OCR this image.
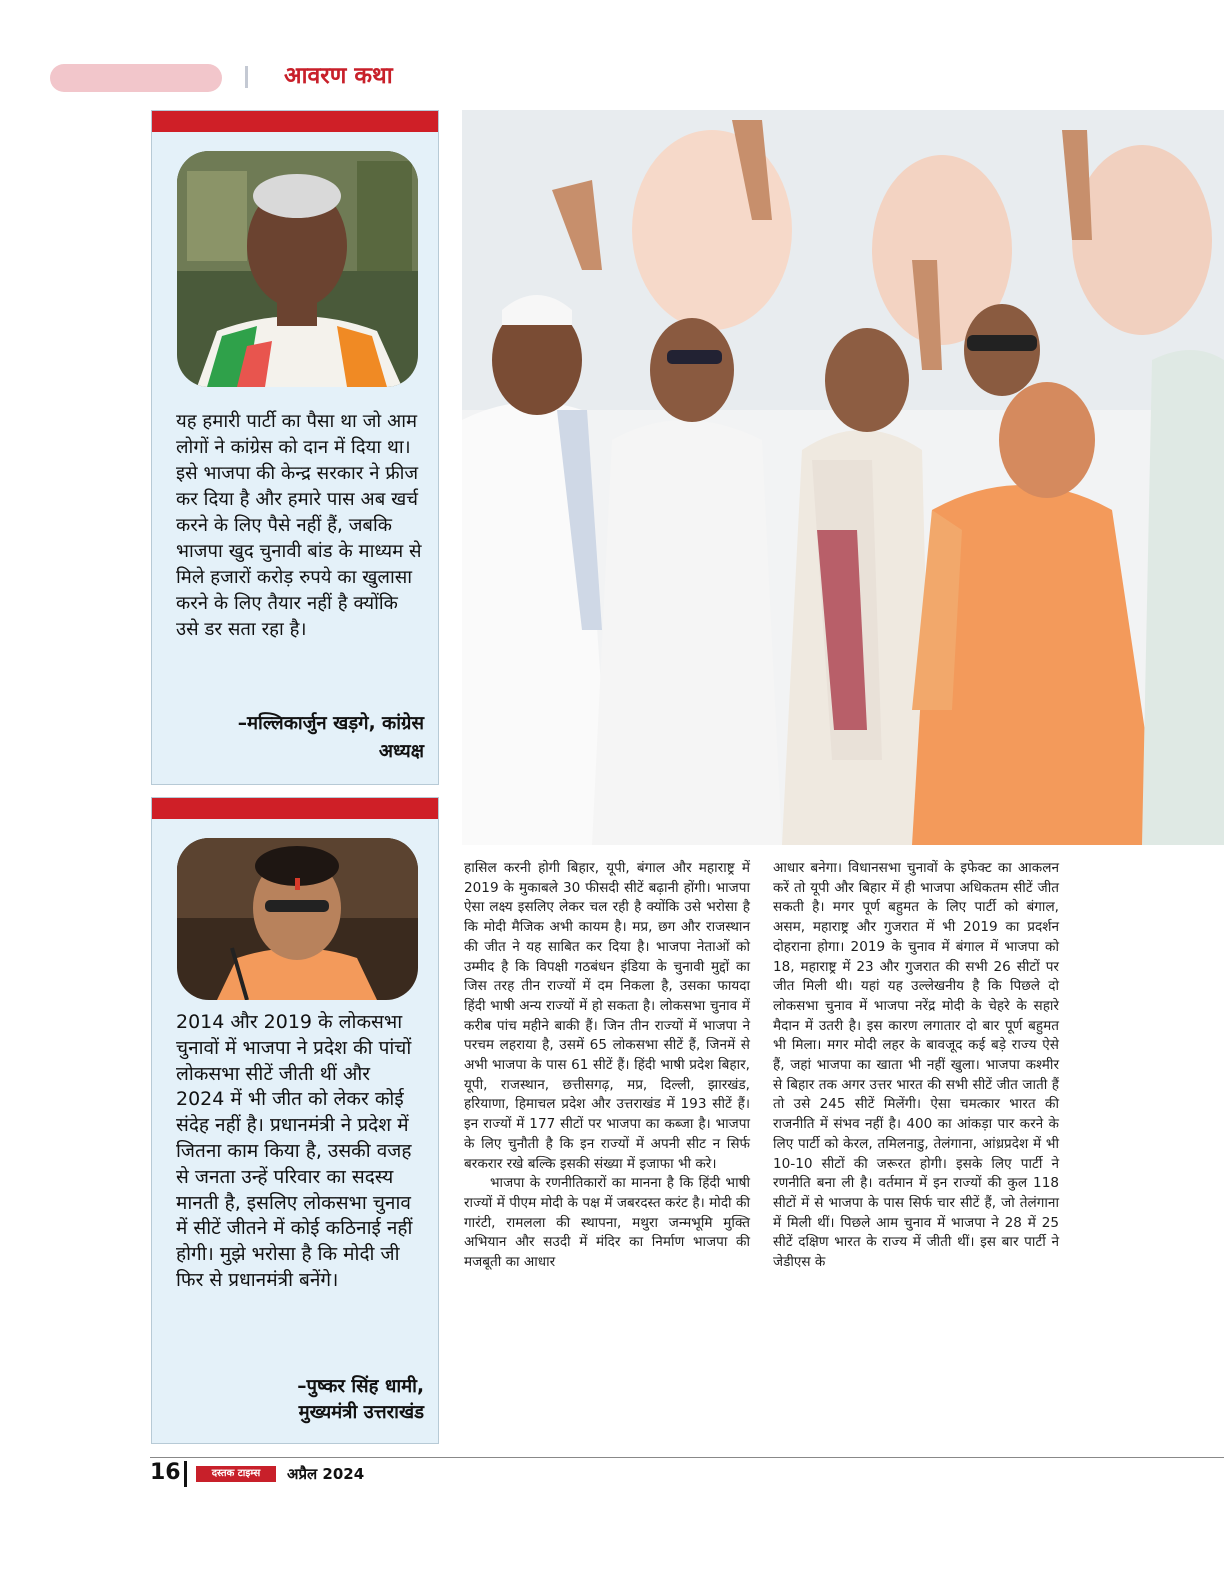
आवरण कथा
यह हमारी पार्टी का पैसा था जो आम लोगों ने कांग्रेस को दान में दिया था। इसे भाजपा की केन्द्र सरकार ने फ्रीज कर दिया है और हमारे पास अब खर्च करने के लिए पैसे नहीं हैं, जबकि भाजपा खुद चुनावी बांड के माध्यम से मिले हजारों करोड़ रुपये का खुलासा करने के लिए तैयार नहीं है क्योंकि उसे डर सता रहा है।
–मल्लिकार्जुन खड़गे, कांग्रेस
अध्यक्ष
2014 और 2019 के लोकसभा चुनावों में भाजपा ने प्रदेश की पांचों लोकसभा सीटें जीती थीं और 2024 में भी जीत को लेकर कोई संदेह नहीं है। प्रधानमंत्री ने प्रदेश में जितना काम किया है, उसकी वजह से जनता उन्हें परिवार का सदस्य मानती है, इसलिए लोकसभा चुनाव में सीटें जीतने में कोई कठिनाई नहीं होगी। मुझे भरोसा है कि मोदी जी फिर से प्रधानमंत्री बनेंगे।
–पुष्कर सिंह धामी,
मुख्यमंत्री उत्तराखंड

हासिल करनी होगी बिहार, यूपी, बंगाल और महाराष्ट्र में 2019 के मुकाबले 30 फीसदी सीटें बढ़ानी होंगी। भाजपा ऐसा लक्ष्य इसलिए लेकर चल रही है क्योंकि उसे भरोसा है कि मोदी मैजिक अभी कायम है। मप्र, छग और राजस्थान की जीत ने यह साबित कर दिया है। भाजपा नेताओं को उम्मीद है कि विपक्षी गठबंधन इंडिया के चुनावी मुद्दों का जिस तरह तीन राज्यों में दम निकला है, उसका फायदा हिंदी भाषी अन्य राज्यों में हो सकता है। लोकसभा चुनाव में करीब पांच महीने बाकी हैं। जिन तीन राज्यों में भाजपा ने परचम लहराया है, उसमें 65 लोकसभा सीटें हैं, जिनमें से अभी भाजपा के पास 61 सीटें हैं। हिंदी भाषी प्रदेश बिहार, यूपी, राजस्थान, छत्तीसगढ़, मप्र, दिल्ली, झारखंड, हरियाणा, हिमाचल प्रदेश और उत्तराखंड में 193 सीटें हैं। इन राज्यों में 177 सीटों पर भाजपा का कब्जा है। भाजपा के लिए चुनौती है कि इन राज्यों में अपनी सीट न सिर्फ बरकरार रखे बल्कि इसकी संख्या में इजाफा भी करे।

भाजपा के रणनीतिकारों का मानना है कि हिंदी भाषी राज्यों में पीएम मोदी के पक्ष में जबरदस्त करंट है। मोदी की गारंटी, रामलला की स्थापना, मथुरा जन्मभूमि मुक्ति अभियान और सउदी में मंदिर का निर्माण भाजपा की मजबूती का आधार

आधार बनेगा। विधानसभा चुनावों के इफेक्ट का आकलन करें तो यूपी और बिहार में ही भाजपा अधिकतम सीटें जीत सकती है। मगर पूर्ण बहुमत के लिए पार्टी को बंगाल, असम, महाराष्ट्र और गुजरात में भी 2019 का प्रदर्शन दोहराना होगा। 2019 के चुनाव में बंगाल में भाजपा को 18, महाराष्ट्र में 23 और गुजरात की सभी 26 सीटों पर जीत मिली थी। यहां यह उल्लेखनीय है कि पिछले दो लोकसभा चुनाव में भाजपा नरेंद्र मोदी के चेहरे के सहारे मैदान में उतरी है। इस कारण लगातार दो बार पूर्ण बहुमत भी मिला। मगर मोदी लहर के बावजूद कई बड़े राज्य ऐसे हैं, जहां भाजपा का खाता भी नहीं खुला। भाजपा कश्मीर से बिहार तक अगर उत्तर भारत की सभी सीटें जीत जाती हैं तो उसे 245 सीटें मिलेंगी। ऐसा चमत्कार भारत की राजनीति में संभव नहीं है। 400 का आंकड़ा पार करने के लिए पार्टी को केरल, तमिलनाडु, तेलंगाना, आंध्रप्रदेश में भी 10-10 सीटों की जरूरत होगी। इसके लिए पार्टी ने रणनीति बना ली है। वर्तमान में इन राज्यों की कुल 118 सीटों में से भाजपा के पास सिर्फ चार सीटें हैं, जो तेलंगाना में मिली थीं। पिछले आम चुनाव में भाजपा ने 28 में 25 सीटें दक्षिण भारत के राज्य में जीती थीं। इस बार पार्टी ने जेडीएस के

16	दस्तक टाइम्स	अप्रैल 2024
